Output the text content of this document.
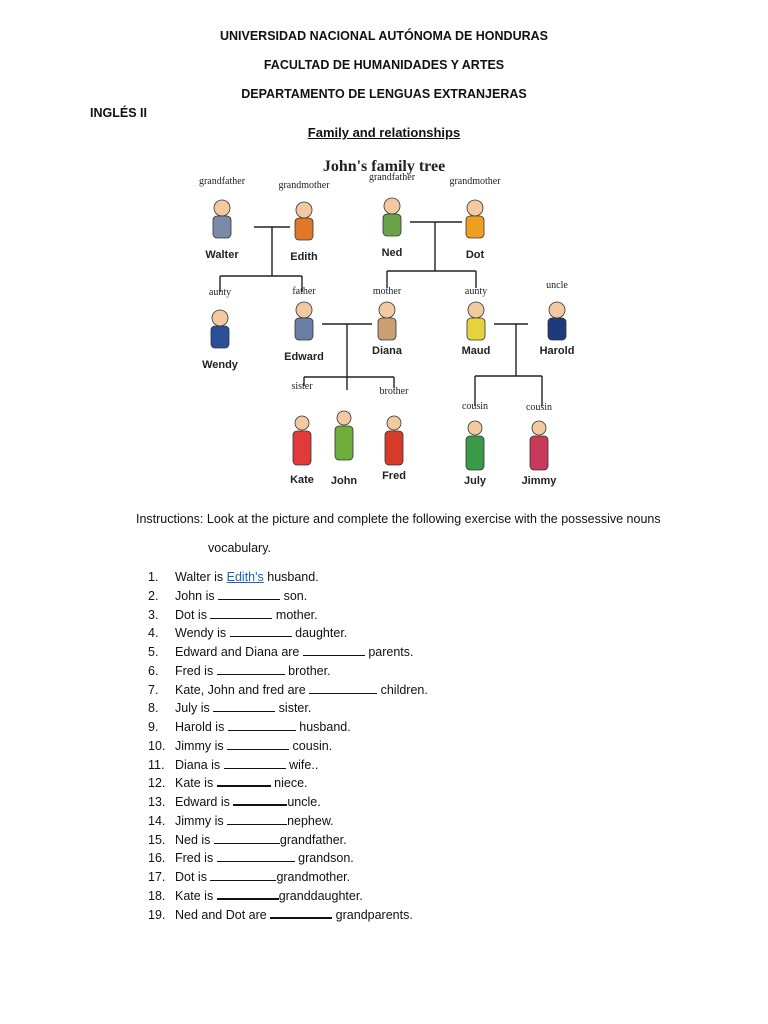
UNIVERSIDAD NACIONAL AUTÓNOMA DE HONDURAS
FACULTAD DE HUMANIDADES Y ARTES
DEPARTAMENTO DE LENGUAS EXTRANJERAS
INGLÉS II
Family and relationships
John's family tree
grandfather
Walter
grandmother
Edith
grandfather
Ned
grandmother
Dot
aunty
Wendy
father
Edward
mother
Diana
aunty
Maud
uncle
Harold
sister
Kate John
brother
Fred
cousin
July
cousin
Jimmy
Instructions: Look at the picture and complete the following exercise with the possessive nouns
vocabulary.
1. Walter is Edith's husband.
2. John is	son.
3. Dot is	mother.
4. Wendy is	daughter.
5. Edward and Diana are	parents.
6. Fred is	brother.
7. Kate, John and fred are	children.
8. July is	sister.
9. Harold is	husband.
10. Jimmy is	cousin.
11. Diana is	wife..
12. Kate is	niece.
13. Edward is	uncle.
14. Jimmy is	nephew.
15. Ned is	grandfather.
16. Fred is	grandson.
17. Dot is	grandmother.
18. Kate is	granddaughter.
19. Ned and Dot are	grandparents.
